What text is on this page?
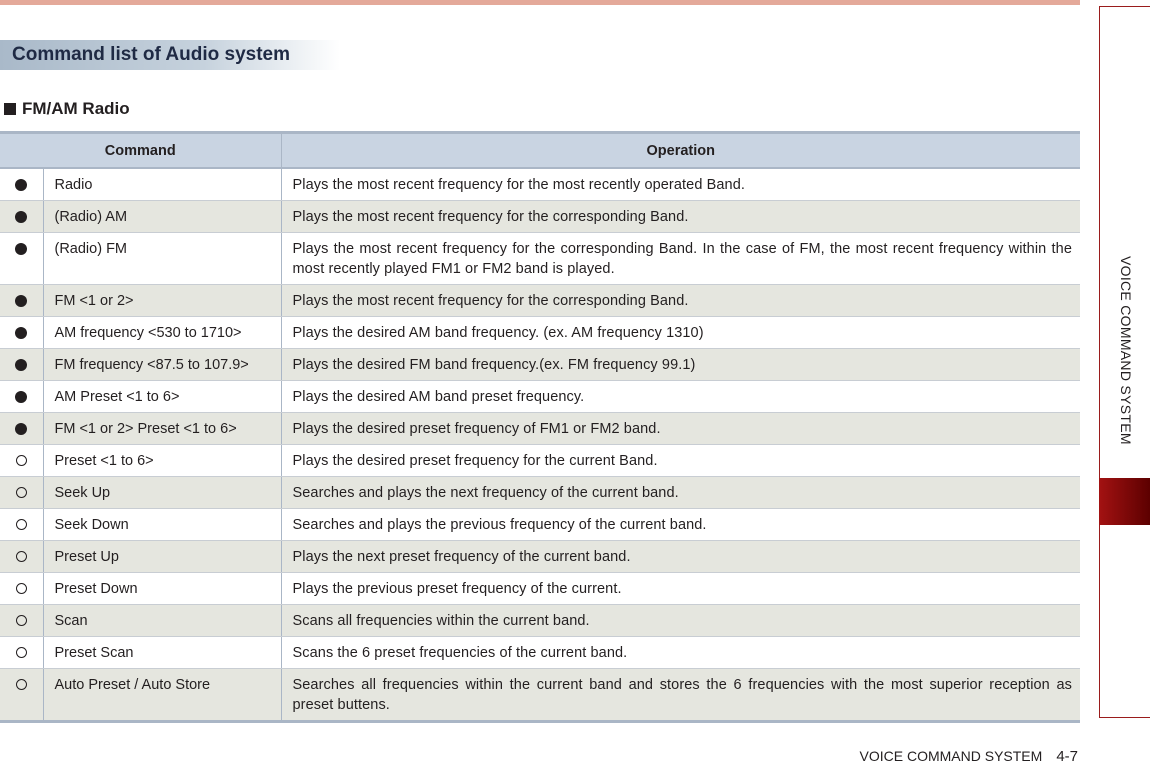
VOICE COMMAND SYSTEM
Command list of Audio system
FM/AM Radio
Command		Operation
	Radio	Plays the most recent frequency for the most recently operated Band.
	(Radio) AM	Plays the most recent frequency for the corresponding Band.
	(Radio) FM	Plays the most recent frequency for the corresponding Band. In the case of FM, the most recent frequency within the most recently played FM1 or FM2 band is played.
	FM <1 or 2>	Plays the most recent frequency for the corresponding Band.
	AM frequency <530 to 1710>	Plays the desired AM band frequency. (ex. AM frequency 1310)
	FM frequency <87.5 to 107.9>	Plays the desired FM band frequency.(ex. FM frequency 99.1)
	AM Preset <1 to 6>	Plays the desired AM band preset frequency.
	FM <1 or 2> Preset <1 to 6>	Plays the desired preset frequency of FM1 or FM2 band.
	Preset <1 to 6>	Plays the desired preset frequency for the current Band.
	Seek Up	Searches and plays the next frequency of the current band.
	Seek Down	Searches and plays the previous frequency of the current band.
	Preset Up	Plays the next preset frequency of the current band.
	Preset Down	Plays the previous preset frequency of the current.
	Scan	Scans all frequencies within the current band.
	Preset Scan	Scans the 6 preset frequencies of the current band.
	Auto Preset / Auto Store	Searches all frequencies within the current band and stores the 6 frequencies with the most superior reception as preset buttens.
VOICE COMMAND SYSTEM 4-7
